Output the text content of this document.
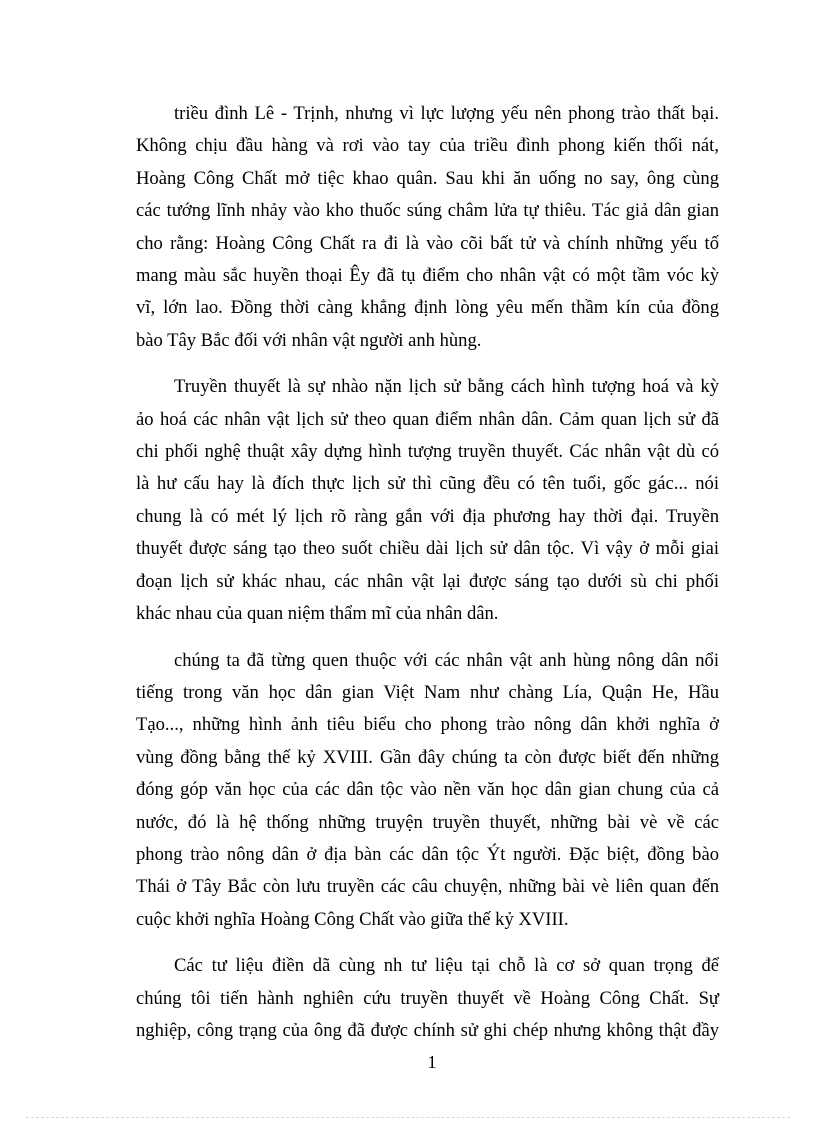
triều đình Lê - Trịnh, nhưng vì lực lượng yếu nên phong trào thất bại.
Không chịu đầu hàng và rơi vào tay của triều đình phong kiến thối nát,
Hoàng Công Chất mở tiệc khao quân. Sau khi ăn uống no say, ông cùng
các tướng lĩnh nhảy vào kho thuốc súng châm lửa tự thiêu. Tác giả dân gian
cho rằng: Hoàng Công Chất ra đi là vào cõi bất tử và chính những yếu tố
mang màu sắc huyền thoại Êy đã tụ điểm cho nhân vật có một tầm vóc kỳ
vĩ, lớn lao. Đồng thời càng khẳng định lòng yêu mến thầm kín của đồng
bào Tây Bắc đối với nhân vật người anh hùng.

Truyền thuyết là sự nhào nặn lịch sử bằng cách hình tượng hoá và kỳ
ảo hoá các nhân vật lịch sử theo quan điểm nhân dân. Cảm quan lịch sử đã
chi phối nghệ thuật xây dựng hình tượng truyền thuyết. Các nhân vật dù có
là hư cấu hay là đích thực lịch sử thì cũng đều có tên tuổi, gốc gác... nói
chung là có mét lý lịch rõ ràng gắn với địa phương hay thời đại. Truyền
thuyết được sáng tạo theo suốt chiều dài lịch sử dân tộc. Vì vậy ở mỗi giai
đoạn lịch sử khác nhau, các nhân vật lại được sáng tạo dưới sù chi phối
khác nhau của quan niệm thẩm mĩ của nhân dân.

chúng ta đã từng quen thuộc với các nhân vật anh hùng nông dân nổi
tiếng trong văn học dân gian Việt Nam như chàng Lía, Quận He, Hầu
Tạo..., những hình ảnh tiêu biểu cho phong trào nông dân khởi nghĩa ở
vùng đồng bằng thế kỷ XVIII. Gần đây chúng ta còn được biết đến những
đóng góp văn học của các dân tộc vào nền văn học dân gian chung của cả
nước, đó là hệ thống những truyện truyền thuyết, những bài vè về các
phong trào nông dân ở địa bàn các dân tộc Ýt người. Đặc biệt, đồng bào
Thái ở Tây Bắc còn lưu truyền các câu chuyện, những bài vè liên quan đến
cuộc khởi nghĩa Hoàng Công Chất vào giữa thế kỷ XVIII.

Các tư liệu điền dã cùng nh tư liệu tại chỗ là cơ sở quan trọng để
chúng tôi tiến hành nghiên cứu truyền thuyết về Hoàng Công Chất. Sự
nghiệp, công trạng của ông đã được chính sử ghi chép nhưng không thật đầy

1
